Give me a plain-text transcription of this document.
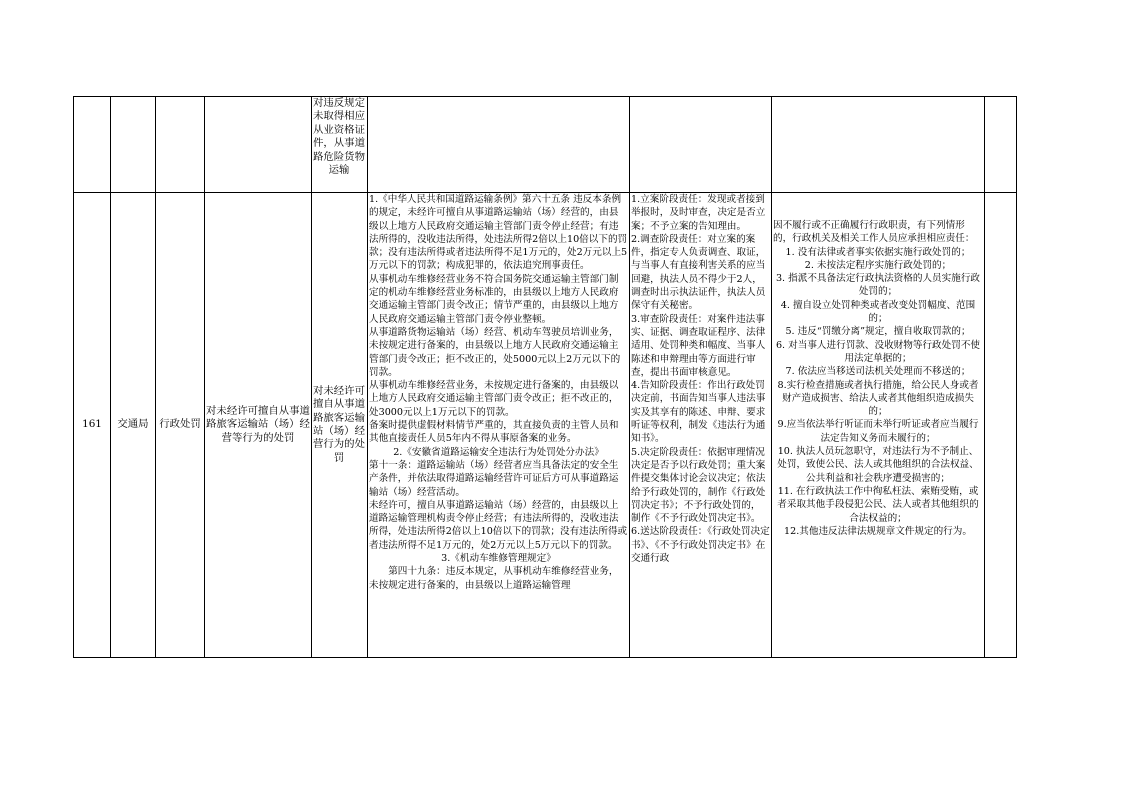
对违反规定未取得相应从业资格证件，从事道路危险货物运输
161 交通局 行政处罚
对未经许可擅自从事道路旅客运输站（场）经营等行为的处罚
对未经许可擅自从事道路旅客运输站（场）经营行为的处罚

1.《中华人民共和国道路运输条例》第六十五条 违反本条例的规定，未经许可擅自从事道路运输站（场）经营的，由县级以上地方人民政府交通运输主管部门责令停止经营；有违法所得的，没收违法所得，处违法所得2倍以上10倍以下的罚款；没有违法所得或者违法所得不足1万元的，处2万元以上5万元以下的罚款；构成犯罪的，依法追究刑事责任。

从事机动车维修经营业务不符合国务院交通运输主管部门制定的机动车维修经营业务标准的，由县级以上地方人民政府交通运输主管部门责令改正；情节严重的，由县级以上地方人民政府交通运输主管部门责令停业整顿。

从事道路货物运输站（场）经营、机动车驾驶员培训业务，未按规定进行备案的，由县级以上地方人民政府交通运输主管部门责令改正；拒不改正的，处5000元以上2万元以下的罚款。

从事机动车维修经营业务，未按规定进行备案的，由县级以上地方人民政府交通运输主管部门责令改正；拒不改正的，处3000元以上1万元以下的罚款。

备案时提供虚假材料情节严重的，其直接负责的主管人员和其他直接责任人员5年内不得从事原备案的业务。

2.《安徽省道路运输安全违法行为处罚处分办法》

第十一条：道路运输站（场）经营者应当具备法定的安全生产条件，并依法取得道路运输经营许可证后方可从事道路运输站（场）经营活动。

未经许可，擅自从事道路运输站（场）经营的，由县级以上道路运输管理机构责令停止经营；有违法所得的，没收违法所得，处违法所得2倍以上10倍以下的罚款；没有违法所得或者违法所得不足1万元的，处2万元以上5万元以下的罚款。

3.《机动车维修管理规定》

第四十九条：违反本规定，从事机动车维修经营业务，未按规定进行备案的，由县级以上道路运输管理

1.立案阶段责任：发现或者接到举报时，及时审查，决定是否立案；不予立案的告知理由。

2.调查阶段责任：对立案的案件，指定专人负责调查、取证，与当事人有直接利害关系的应当回避，执法人员不得少于2人，调查时出示执法证件，执法人员保守有关秘密。

3.审查阶段责任：对案件违法事实、证据、调查取证程序、法律适用、处罚种类和幅度、当事人陈述和申辩理由等方面进行审查，提出书面审核意见。

4.告知阶段责任：作出行政处罚决定前，书面告知当事人违法事实及其享有的陈述、申辩、要求听证等权利，制发《违法行为通知书》。

5.决定阶段责任：依据审理情况决定是否予以行政处罚；重大案件提交集体讨论会议决定；依法给予行政处罚的，制作《行政处罚决定书》；不予行政处罚的，制作《不予行政处罚决定书》。

6.送达阶段责任：《行政处罚决定书》、《不予行政处罚决定书》在交通行政

因不履行或不正确履行行政职责，有下列情形的，行政机关及相关工作人员应承担相应责任：

1. 没有法律或者事实依据实施行政处罚的；

2. 未按法定程序实施行政处罚的；

3. 指派不具备法定行政执法资格的人员实施行政处罚的；

4. 擅自设立处罚种类或者改变处罚幅度、范围的；

5. 违反“罚缴分离”规定，擅自收取罚款的；

6. 对当事人进行罚款、没收财物等行政处罚不使用法定单据的；

7. 依法应当移送司法机关处理而不移送的；

8.实行检查措施或者执行措施，给公民人身或者财产造成损害、给法人或者其他组织造成损失的；

9.应当依法举行听证而未举行听证或者应当履行法定告知义务而未履行的；

10. 执法人员玩忽职守，对违法行为不予制止、处罚，致使公民、法人或其他组织的合法权益、公共利益和社会秩序遭受损害的；

11. 在行政执法工作中徇私枉法、索贿受贿，或者采取其他手段侵犯公民、法人或者其他组织的合法权益的；

12.其他违反法律法规规章文件规定的行为。
